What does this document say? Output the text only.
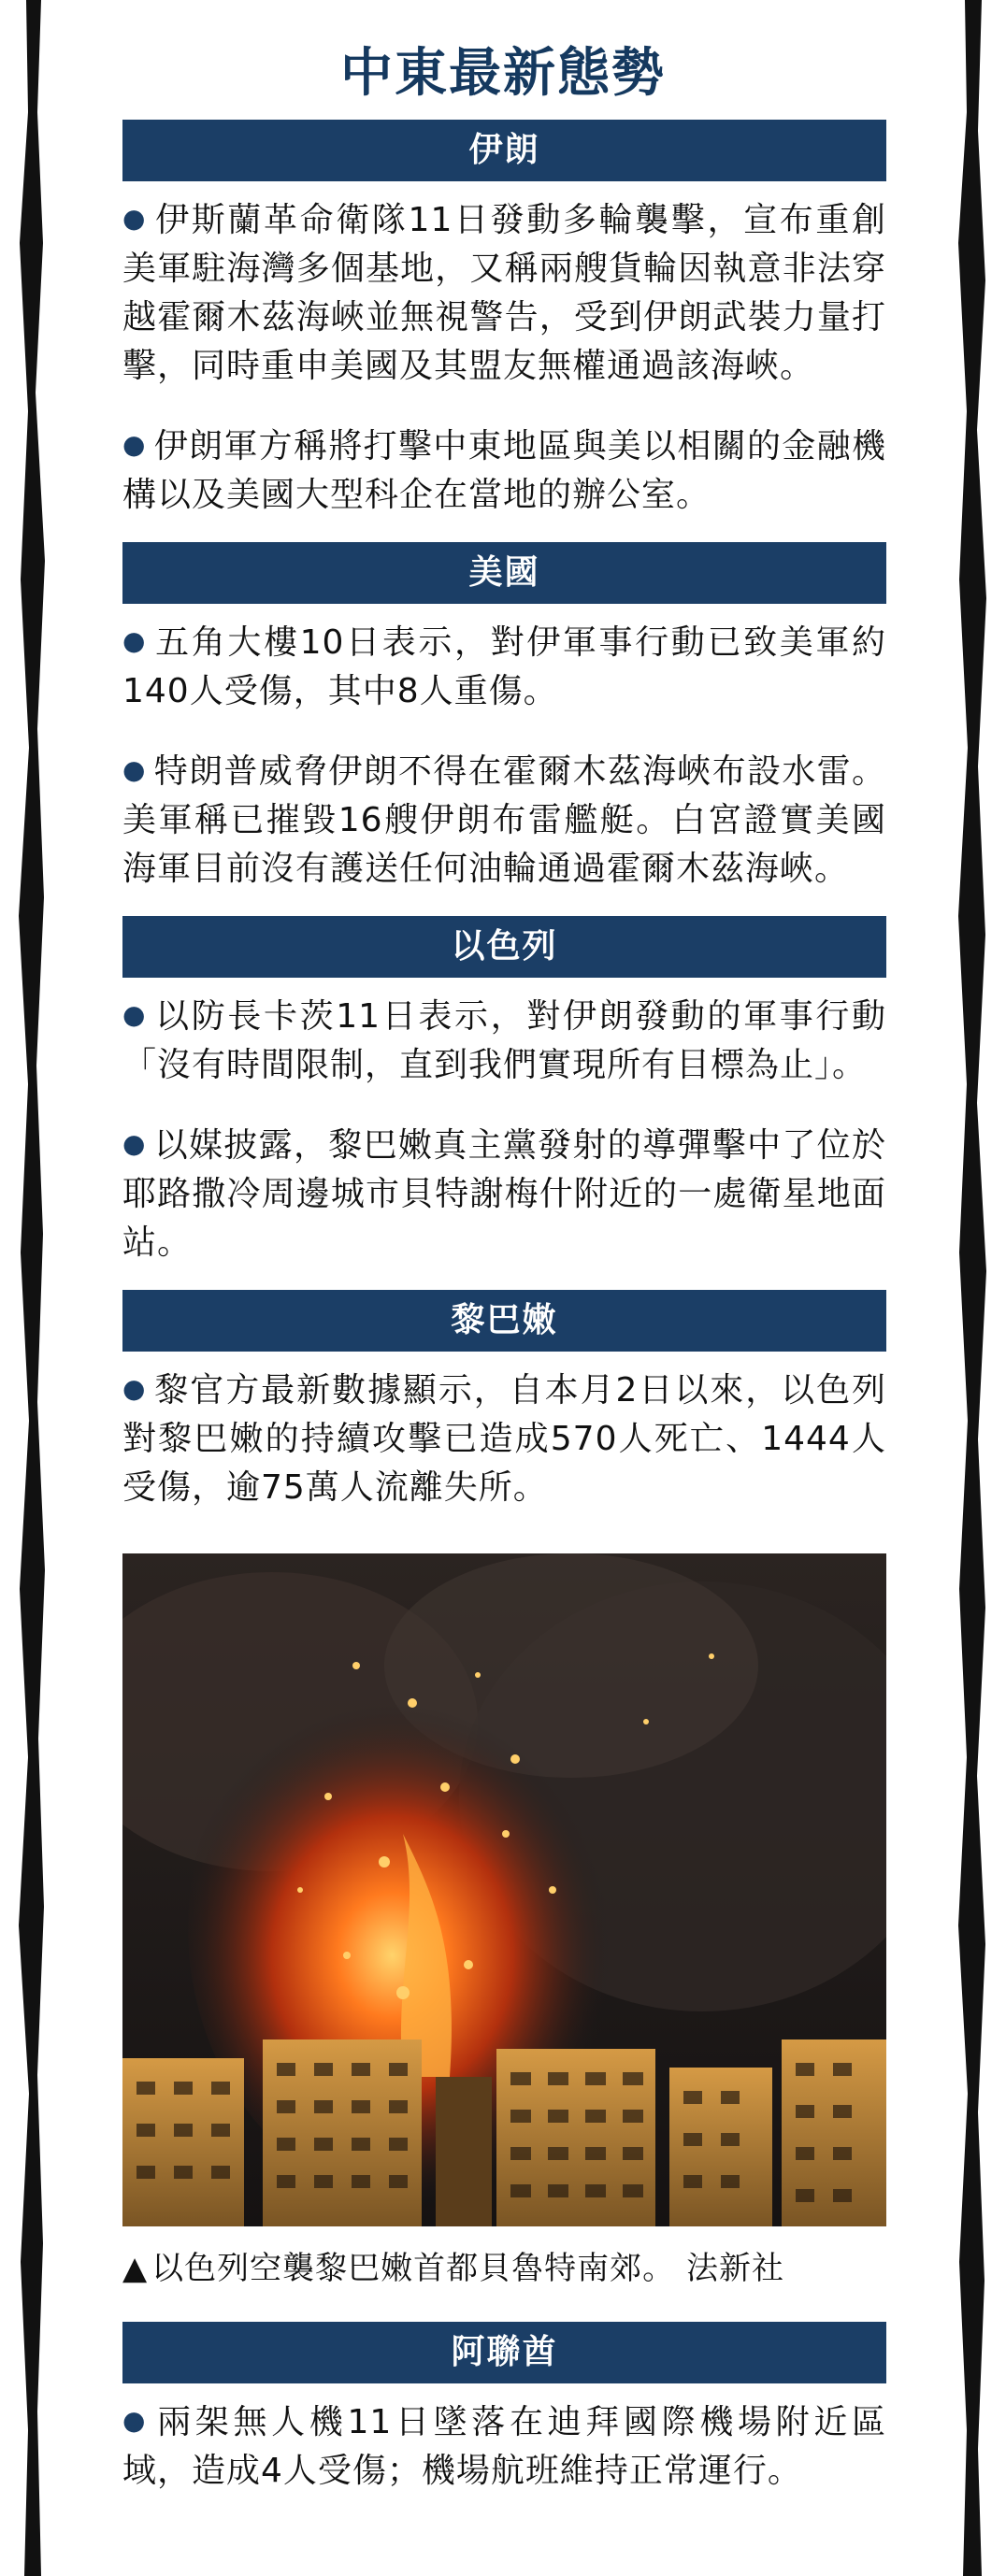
中東最新態勢
伊朗

● 伊斯蘭革命衛隊11日發動多輪襲擊，宣布重創美軍駐海灣多個基地，又稱兩艘貨輪因執意非法穿越霍爾木茲海峽並無視警告，受到伊朗武裝力量打擊，同時重申美國及其盟友無權通過該海峽。

● 伊朗軍方稱將打擊中東地區與美以相關的金融機構以及美國大型科企在當地的辦公室。

美國

● 五角大樓10日表示，對伊軍事行動已致美軍約140人受傷，其中8人重傷。

● 特朗普威脅伊朗不得在霍爾木茲海峽布設水雷。美軍稱已摧毀16艘伊朗布雷艦艇。白宮證實美國海軍目前沒有護送任何油輪通過霍爾木茲海峽。

以色列

● 以防長卡茨11日表示，對伊朗發動的軍事行動「沒有時間限制，直到我們實現所有目標為止」。

● 以媒披露，黎巴嫩真主黨發射的導彈擊中了位於耶路撒冷周邊城市貝特謝梅什附近的一處衛星地面站。

黎巴嫩

● 黎官方最新數據顯示，自本月2日以來，以色列對黎巴嫩的持續攻擊已造成570人死亡、1444人受傷，逾75萬人流離失所。

▲ 以色列空襲黎巴嫩首都貝魯特南郊。 法新社

阿聯酋

● 兩架無人機11日墜落在迪拜國際機場附近區域，造成4人受傷；機場航班維持正常運行。
